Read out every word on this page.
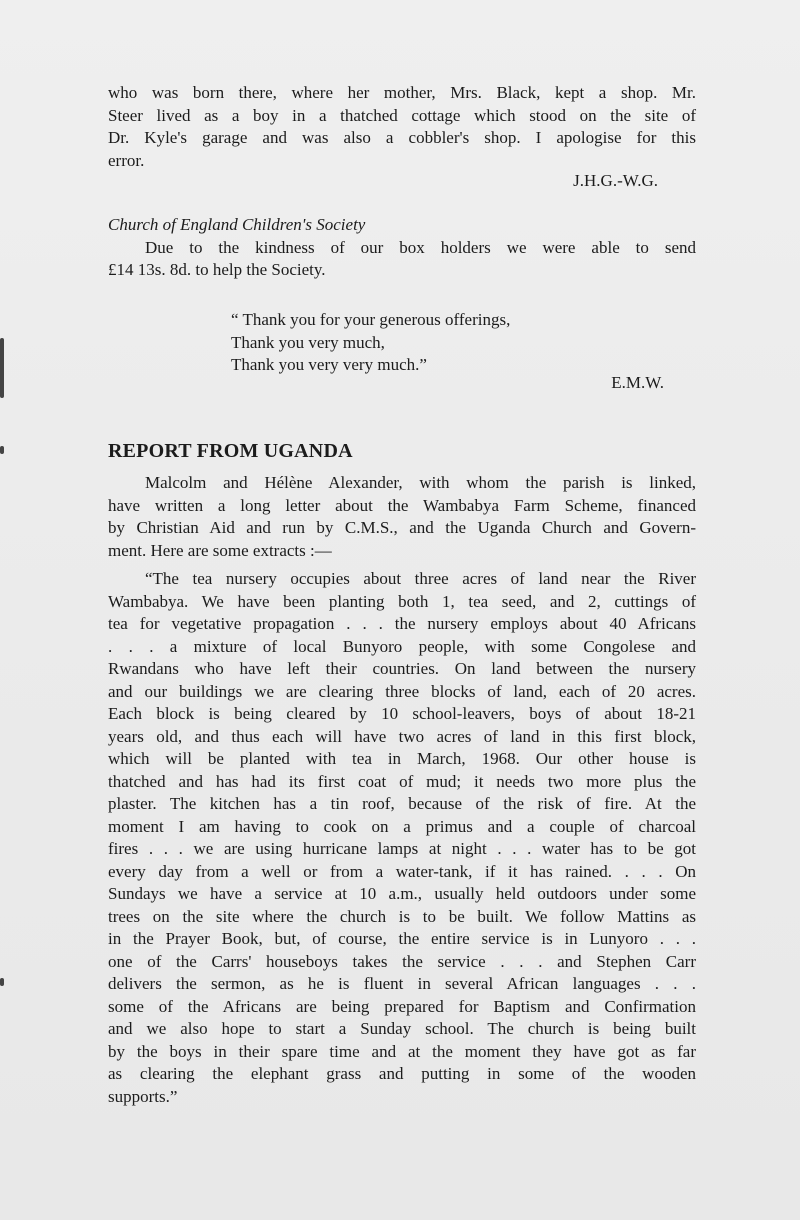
who was born there, where her mother, Mrs. Black, kept a shop. Mr.

Steer lived as a boy in a thatched cottage which stood on the site of

Dr. Kyle's garage and was also a cobbler's shop. I apologise for this

error.

J.H.G.-W.G.

Church of England Children's Society

Due to the kindness of our box holders we were able to send

£14 13s. 8d. to help the Society.

“ Thank you for your generous offerings,

Thank you very much,

Thank you very very much.”

E.M.W.

REPORT FROM UGANDA

Malcolm and Hélène Alexander, with whom the parish is linked,

have written a long letter about the Wambabya Farm Scheme, financed

by Christian Aid and run by C.M.S., and the Uganda Church and Govern-

ment. Here are some extracts :—

“The tea nursery occupies about three acres of land near the River

Wambabya. We have been planting both 1, tea seed, and 2, cuttings of

tea for vegetative propagation . . . the nursery employs about 40 Africans

. . . a mixture of local Bunyoro people, with some Congolese and

Rwandans who have left their countries. On land between the nursery

and our buildings we are clearing three blocks of land, each of 20 acres.

Each block is being cleared by 10 school-leavers, boys of about 18-21

years old, and thus each will have two acres of land in this first block,

which will be planted with tea in March, 1968. Our other house is

thatched and has had its first coat of mud; it needs two more plus the

plaster. The kitchen has a tin roof, because of the risk of fire. At the

moment I am having to cook on a primus and a couple of charcoal

fires . . . we are using hurricane lamps at night . . . water has to be got

every day from a well or from a water-tank, if it has rained. . . . On

Sundays we have a service at 10 a.m., usually held outdoors under some

trees on the site where the church is to be built. We follow Mattins as

in the Prayer Book, but, of course, the entire service is in Lunyoro . . .

one of the Carrs' houseboys takes the service . . . and Stephen Carr

delivers the sermon, as he is fluent in several African languages . . .

some of the Africans are being prepared for Baptism and Confirmation

and we also hope to start a Sunday school. The church is being built

by the boys in their spare time and at the moment they have got as far

as clearing the elephant grass and putting in some of the wooden

supports.”
